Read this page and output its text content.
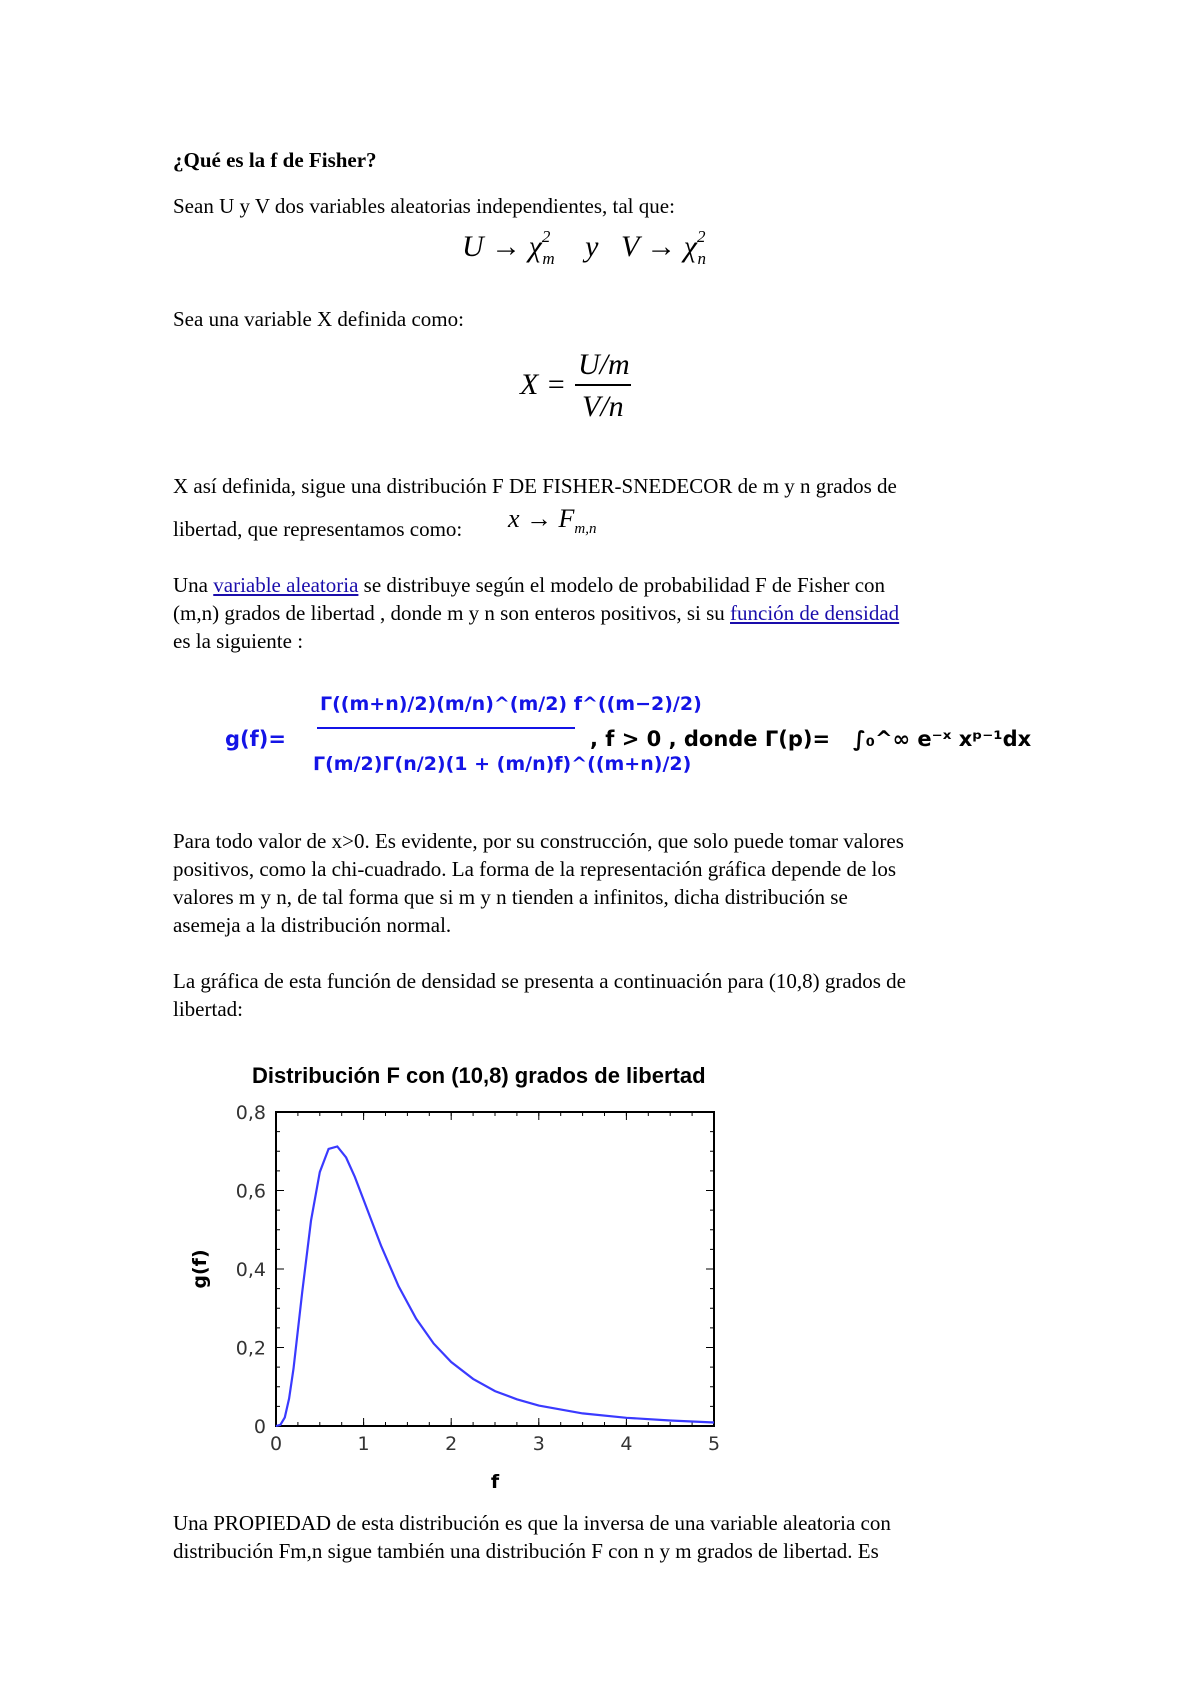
¿Qué es la f de Fisher?

Sean U y V dos variables aleatorias independientes, tal que:

$U \to \chi^2_m$ y $V \to \chi^2_n$

Sea una variable X definida como:

X =
U/m
V/n

X así definida, sigue una distribución F DE FISHER-SNEDECOR de m y n grados de

libertad, que representamos como:	$x \to F_{m,n}$

Una variable aleatoria se distribuye según el modelo de probabilidad F de Fisher con
(m,n) grados de libertad , donde m y n son enteros positivos, si su función de densidad
es la siguiente :

g(f)=
Γ((m+n)/2)(m/n)^(m/2) f^((m−2)/2)
Γ(m/2)Γ(n/2)(1 + (m/n)f)^((m+n)/2)
, f > 0 , donde Γ(p)= ∫₀^∞ e⁻ˣ xᵖ⁻¹dx

Para todo valor de x>0. Es evidente, por su construcción, que solo puede tomar valores
positivos, como la chi-cuadrado. La forma de la representación gráfica depende de los
valores m y n, de tal forma que si m y n tienden a infinitos, dicha distribución se
asemeja a la distribución normal.

La gráfica de esta función de densidad se presenta a continuación para (10,8) grados de
libertad:

Distribución F con (10,8) grados de libertad
0	1	2	3	4	5
0
0,2
0,4
0,6
0,8
f
g(f)

Una PROPIEDAD de esta distribución es que la inversa de una variable aleatoria con
distribución Fm,n sigue también una distribución F con n y m grados de libertad. Es
